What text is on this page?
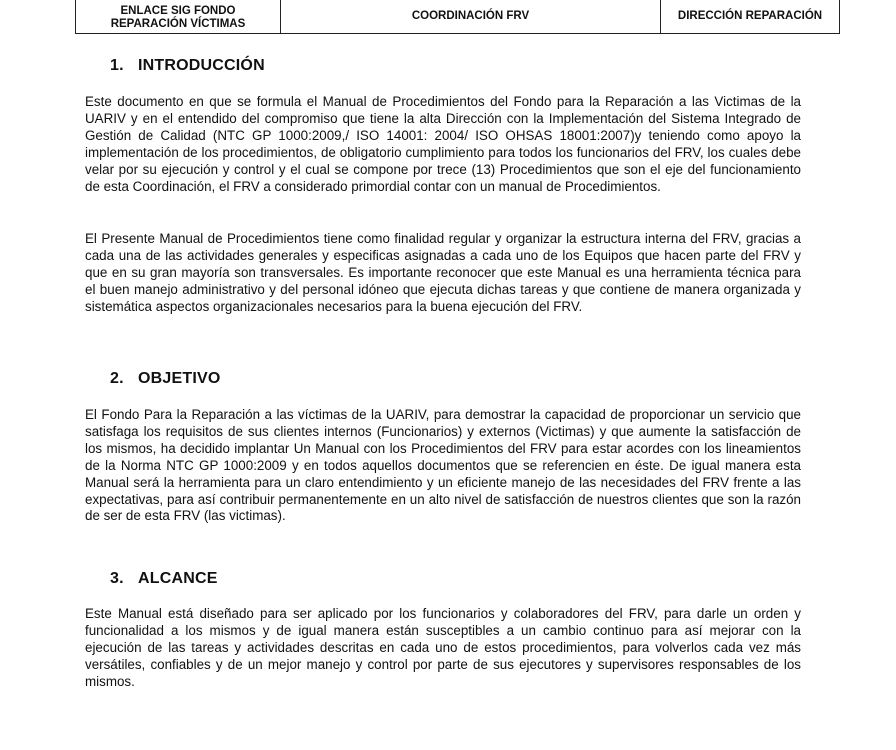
ENLACE SIG FONDO
REPARACIÓN VÍCTIMAS
COORDINACIÓN FRV	DIRECCIÓN REPARACIÓN
1. INTRODUCCIÓN

Este documento en que se formula el Manual de Procedimientos del Fondo para la Reparación a las Victimas de la UARIV y en el entendido del compromiso que tiene la alta Dirección con la Implementación del Sistema Integrado de Gestión de Calidad (NTC GP 1000:2009,/ ISO 14001: 2004/ ISO OHSAS 18001:2007)y teniendo como apoyo la implementación de los procedimientos, de obligatorio cumplimiento para todos los funcionarios del FRV, los cuales debe velar por su ejecución y control y el cual se compone por trece (13) Procedimientos que son el eje del funcionamiento de esta Coordinación, el FRV a considerado primordial contar con un manual de Procedimientos.

El Presente Manual de Procedimientos tiene como finalidad regular y organizar la estructura interna del FRV, gracias a cada una de las actividades generales y especificas asignadas a cada uno de los Equipos que hacen parte del FRV y que en su gran mayoría son transversales. Es importante reconocer que este Manual es una herramienta técnica para el buen manejo administrativo y del personal idóneo que ejecuta dichas tareas y que contiene de manera organizada y sistemática aspectos organizacionales necesarios para la buena ejecución del FRV.

2. OBJETIVO

El Fondo Para la Reparación a las víctimas de la UARIV, para demostrar la capacidad de proporcionar un servicio que satisfaga los requisitos de sus clientes internos (Funcionarios) y externos (Victimas) y que aumente la satisfacción de los mismos, ha decidido implantar Un Manual con los Procedimientos del FRV para estar acordes con los lineamientos de la Norma NTC GP 1000:2009 y en todos aquellos documentos que se referencien en éste. De igual manera esta Manual será la herramienta para un claro entendimiento y un eficiente manejo de las necesidades del FRV frente a las expectativas, para así contribuir permanentemente en un alto nivel de satisfacción de nuestros clientes que son la razón de ser de esta FRV (las victimas).

3. ALCANCE

Este Manual está diseñado para ser aplicado por los funcionarios y colaboradores del FRV, para darle un orden y funcionalidad a los mismos y de igual manera están susceptibles a un cambio continuo para así mejorar con la ejecución de las tareas y actividades descritas en cada uno de estos procedimientos, para volverlos cada vez más versátiles, confiables y de un mejor manejo y control por parte de sus ejecutores y supervisores responsables de los mismos.
